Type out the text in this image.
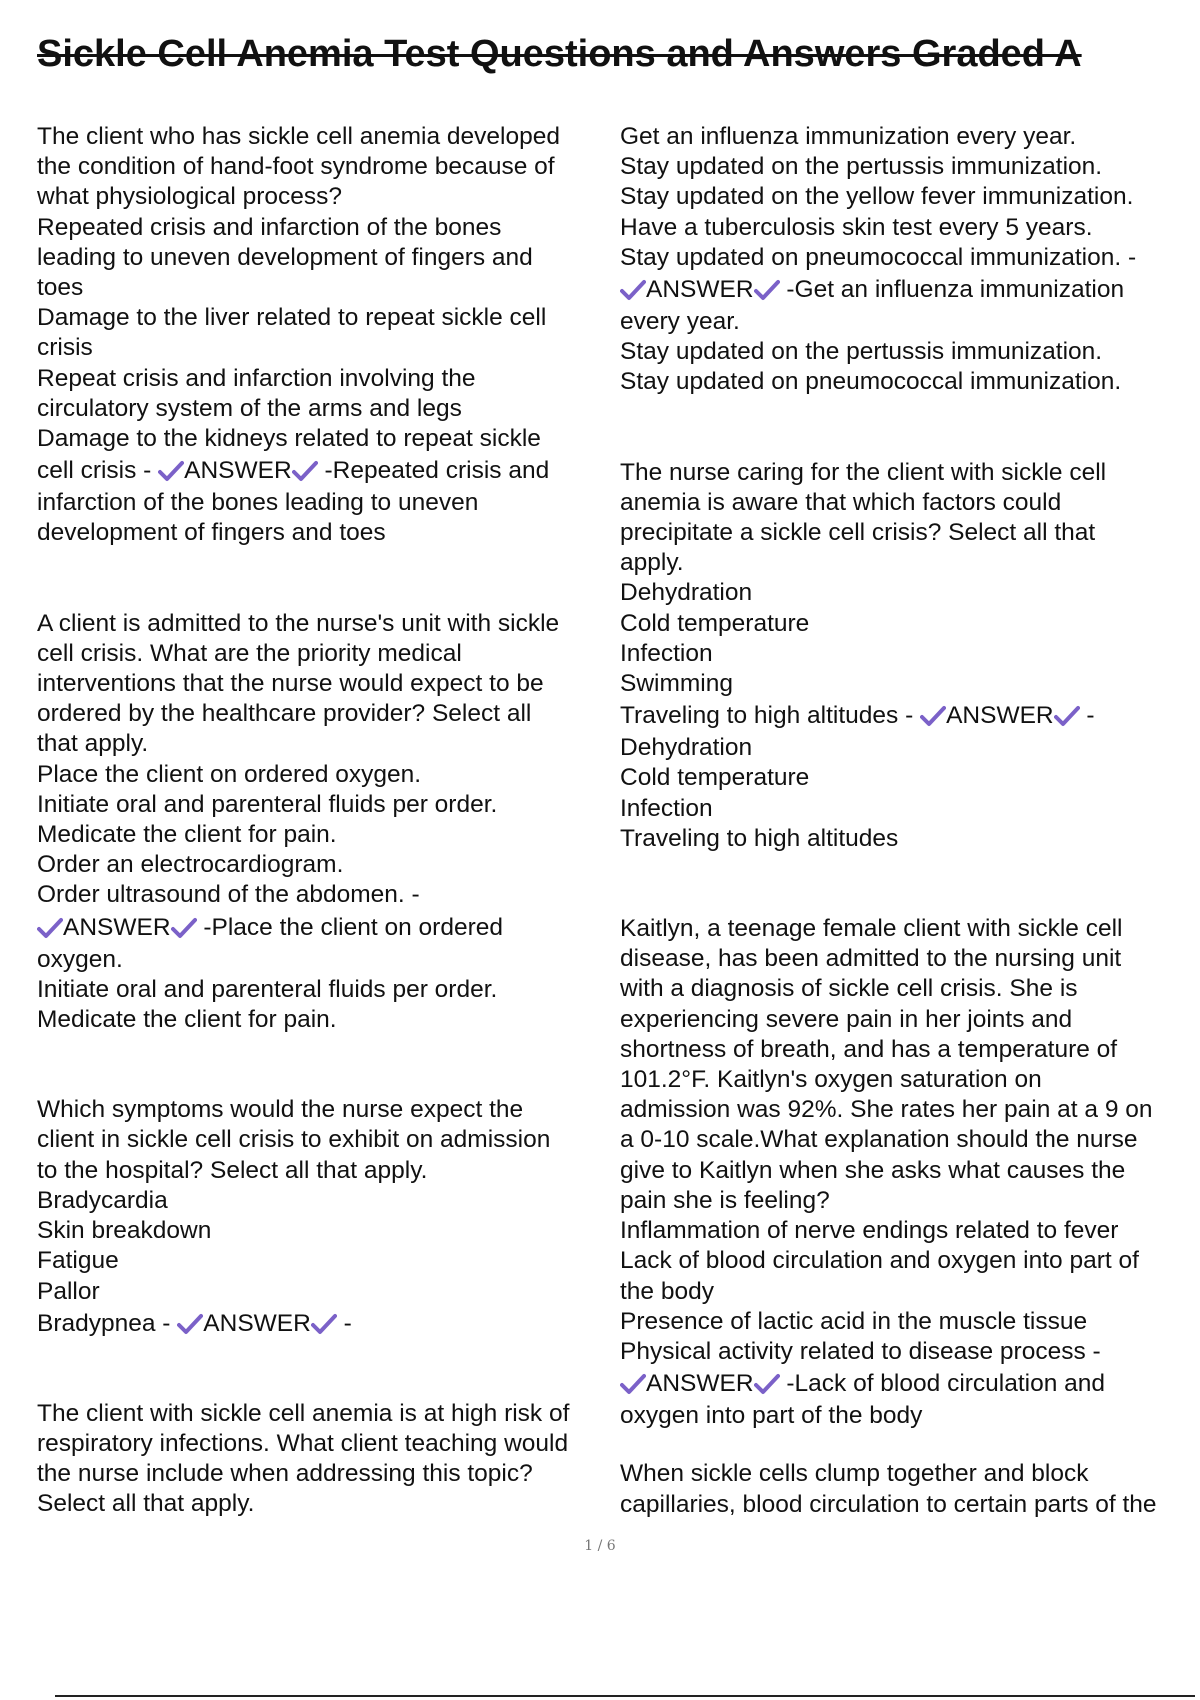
Sickle Cell Anemia Test Questions and Answers Graded A
The client who has sickle cell anemia developed
the condition of hand-foot syndrome because of
what physiological process?
Repeated crisis and infarction of the bones
leading to uneven development of fingers and
toes
Damage to the liver related to repeat sickle cell
crisis
Repeat crisis and infarction involving the
circulatory system of the arms and legs
Damage to the kidneys related to repeat sickle
cell crisis - ANSWER -Repeated crisis and
infarction of the bones leading to uneven
development of fingers and toes
A client is admitted to the nurse's unit with sickle
cell crisis. What are the priority medical
interventions that the nurse would expect to be
ordered by the healthcare provider? Select all
that apply.
Place the client on ordered oxygen.
Initiate oral and parenteral fluids per order.
Medicate the client for pain.
Order an electrocardiogram.
Order ultrasound of the abdomen. -
ANSWER -Place the client on ordered
oxygen.
Initiate oral and parenteral fluids per order.
Medicate the client for pain.
Which symptoms would the nurse expect the
client in sickle cell crisis to exhibit on admission
to the hospital? Select all that apply.
Bradycardia
Skin breakdown
Fatigue
Pallor
Bradypnea - ANSWER -
The client with sickle cell anemia is at high risk of
respiratory infections. What client teaching would
the nurse include when addressing this topic?
Select all that apply.
Get an influenza immunization every year.
Stay updated on the pertussis immunization.
Stay updated on the yellow fever immunization.
Have a tuberculosis skin test every 5 years.
Stay updated on pneumococcal immunization. -
ANSWER -Get an influenza immunization
every year.
Stay updated on the pertussis immunization.
Stay updated on pneumococcal immunization.
The nurse caring for the client with sickle cell
anemia is aware that which factors could
precipitate a sickle cell crisis? Select all that
apply.
Dehydration
Cold temperature
Infection
Swimming
Traveling to high altitudes - ANSWER -
Dehydration
Cold temperature
Infection
Traveling to high altitudes
Kaitlyn, a teenage female client with sickle cell
disease, has been admitted to the nursing unit
with a diagnosis of sickle cell crisis. She is
experiencing severe pain in her joints and
shortness of breath, and has a temperature of
101.2°F. Kaitlyn's oxygen saturation on
admission was 92%. She rates her pain at a 9 on
a 0-10 scale.What explanation should the nurse
give to Kaitlyn when she asks what causes the
pain she is feeling?
Inflammation of nerve endings related to fever
Lack of blood circulation and oxygen into part of
the body
Presence of lactic acid in the muscle tissue
Physical activity related to disease process -
ANSWER -Lack of blood circulation and
oxygen into part of the body
When sickle cells clump together and block
capillaries, blood circulation to certain parts of the
1 / 6
